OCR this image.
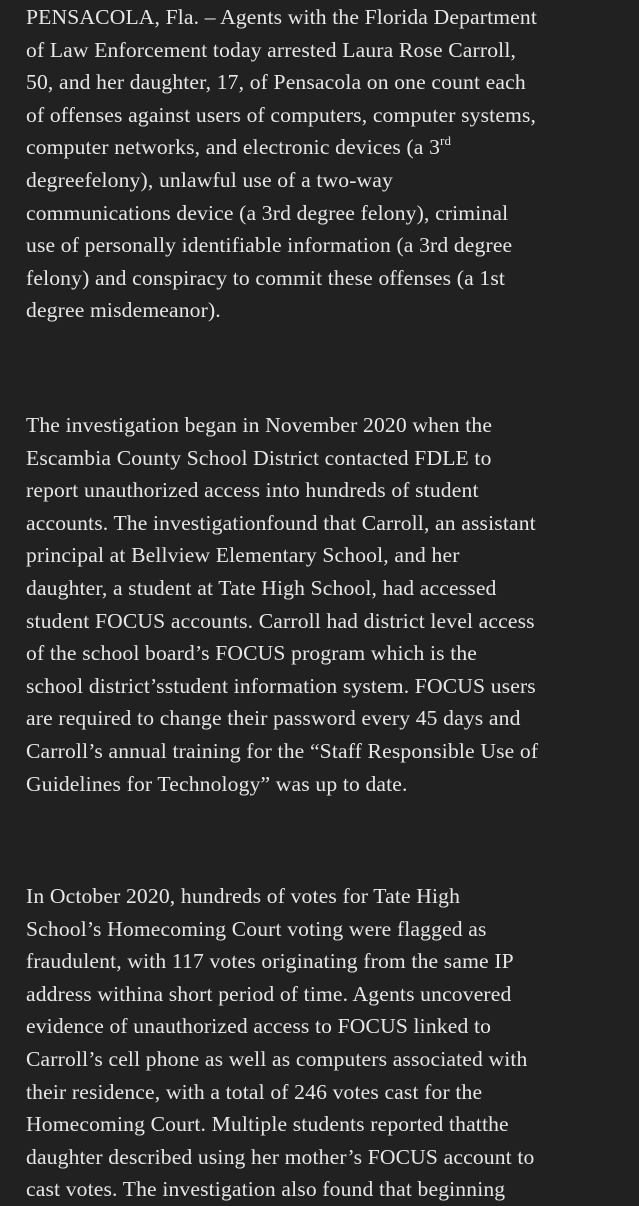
PENSACOLA, Fla. – Agents with the Florida Department
of Law Enforcement today arrested Laura Rose Carroll,
50, and her daughter, 17, of Pensacola on one count each
of offenses against users of computers, computer systems,
computer networks, and electronic devices (a 3rd
degreefelony), unlawful use of a two-way
communications device (a 3rd degree felony), criminal
use of personally identifiable information (a 3rd degree
felony) and conspiracy to commit these offenses (a 1st
degree misdemeanor).
The investigation began in November 2020 when the
Escambia County School District contacted FDLE to
report unauthorized access into hundreds of student
accounts. The investigationfound that Carroll, an assistant
principal at Bellview Elementary School, and her
daughter, a student at Tate High School, had accessed
student FOCUS accounts. Carroll had district level access
of the school board’s FOCUS program which is the
school district’sstudent information system. FOCUS users
are required to change their password every 45 days and
Carroll’s annual training for the “Staff Responsible Use of
Guidelines for Technology” was up to date.
In October 2020, hundreds of votes for Tate High
School’s Homecoming Court voting were flagged as
fraudulent, with 117 votes originating from the same IP
address withina short period of time. Agents uncovered
evidence of unauthorized access to FOCUS linked to
Carroll’s cell phone as well as computers associated with
their residence, with a total of 246 votes cast for the
Homecoming Court. Multiple students reported thatthe
daughter described using her mother’s FOCUS account to
cast votes. The investigation also found that beginning
